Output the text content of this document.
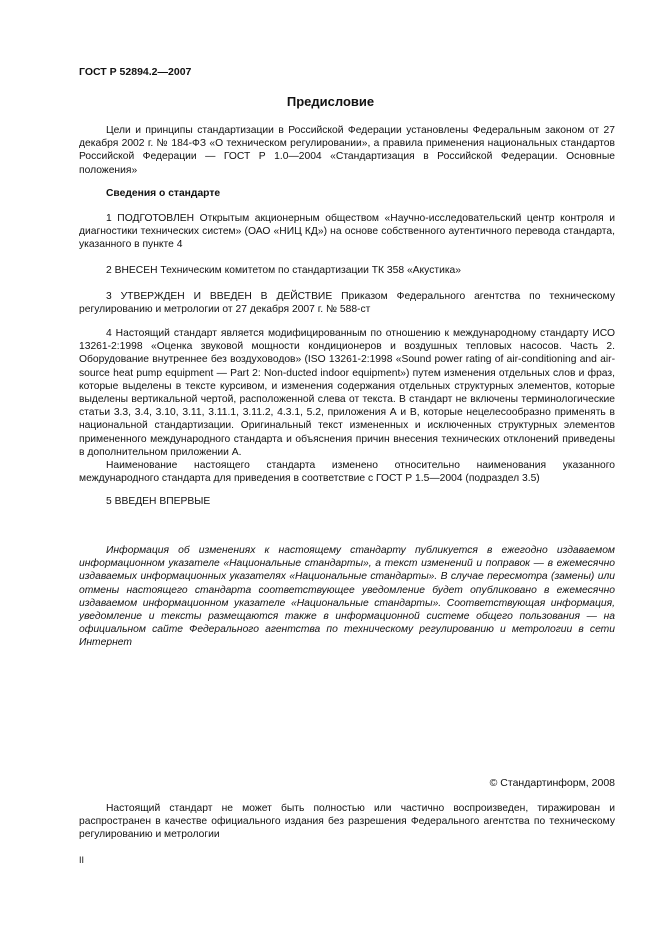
ГОСТ Р 52894.2—2007
Предисловие

Цели и принципы стандартизации в Российской Федерации установлены Федеральным законом от 27 декабря 2002 г. № 184-ФЗ «О техническом регулировании», а правила применения национальных стандартов Российской Федерации — ГОСТ Р 1.0—2004 «Стандартизация в Российской Федерации. Основные положения»

Сведения о стандарте

1 ПОДГОТОВЛЕН Открытым акционерным обществом «Научно-исследовательский центр контроля и диагностики технических систем» (ОАО «НИЦ КД») на основе собственного аутентичного перевода стандарта, указанного в пункте 4

2 ВНЕСЕН Техническим комитетом по стандартизации ТК 358 «Акустика»

3 УТВЕРЖДЕН И ВВЕДЕН В ДЕЙСТВИЕ Приказом Федерального агентства по техническому регулированию и метрологии от 27 декабря 2007 г. № 588-ст

4 Настоящий стандарт является модифицированным по отношению к международному стандарту ИСО 13261-2:1998 «Оценка звуковой мощности кондиционеров и воздушных тепловых насосов. Часть 2. Оборудование внутреннее без воздуховодов» (ISO 13261-2:1998 «Sound power rating of air-conditioning and air-source heat pump equipment — Part 2: Non-ducted indoor equipment») путем изменения отдельных слов и фраз, которые выделены в тексте курсивом, и изменения содержания отдельных структурных элементов, которые выделены вертикальной чертой, расположенной слева от текста. В стандарт не включены терминологические статьи 3.3, 3.4, 3.10, 3.11, 3.11.1, 3.11.2, 4.3.1, 5.2, приложения А и В, которые нецелесообразно применять в национальной стандартизации. Оригинальный текст измененных и исключенных структурных элементов примененного международного стандарта и объяснения причин внесения технических отклонений приведены в дополнительном приложении А.

Наименование настоящего стандарта изменено относительно наименования указанного международного стандарта для приведения в соответствие с ГОСТ Р 1.5—2004 (подраздел 3.5)

5 ВВЕДЕН ВПЕРВЫЕ

Информация об изменениях к настоящему стандарту публикуется в ежегодно издаваемом информационном указателе «Национальные стандарты», а текст изменений и поправок — в ежемесячно издаваемых информационных указателях «Национальные стандарты». В случае пересмотра (замены) или отмены настоящего стандарта соответствующее уведомление будет опубликовано в ежемесячно издаваемом информационном указателе «Национальные стандарты». Соответствующая информация, уведомление и тексты размещаются также в информационной системе общего пользования — на официальном сайте Федерального агентства по техническому регулированию и метрологии в сети Интернет

© Стандартинформ, 2008

Настоящий стандарт не может быть полностью или частично воспроизведен, тиражирован и распространен в качестве официального издания без разрешения Федерального агентства по техническому регулированию и метрологии

II
